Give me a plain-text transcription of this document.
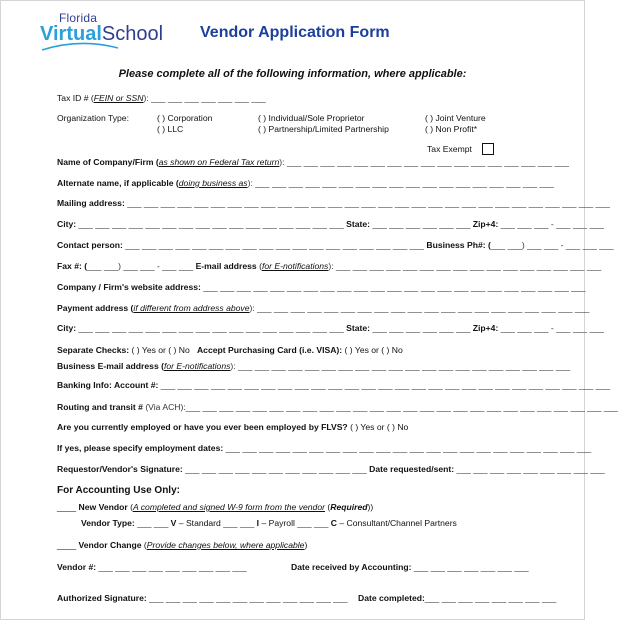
Florida
VirtualSchool Vendor Application Form
Please complete all of the following information, where applicable:
Tax ID # (FEIN or SSN): ___ ___ ___ ___ ___ ___ ___
Organization Type:	( ) Corporation
( ) LLC
( ) Individual/Sole Proprietor
( ) Partnership/Limited Partnership
( ) Joint Venture
( ) Non Profit*
Tax Exempt
Name of Company/Firm (as shown on Federal Tax return): ___ ___ ___ ___ ___ ___ ___ ___ ___ ___ ___ ___ ___ ___ ___ ___ ___
Alternate name, if applicable (doing business as): ___ ___ ___ ___ ___ ___ ___ ___ ___ ___ ___ ___ ___ ___ ___ ___ ___ ___
Mailing address: ___ ___ ___ ___ ___ ___ ___ ___ ___ ___ ___ ___ ___ ___ ___ ___ ___ ___ ___ ___ ___ ___ ___ ___ ___ ___ ___ ___ ___
City: ___ ___ ___ ___ ___ ___ ___ ___ ___ ___ ___ ___ ___ ___ ___ ___ State: ___ ___ ___ ___ ___ ___ Zip+4: ___ ___ ___ - ___ ___ ___
Contact person: ___ ___ ___ ___ ___ ___ ___ ___ ___ ___ ___ ___ ___ ___ ___ ___ ___ ___ Business Ph#: (___ ___) ___ ___ - ___ ___ ___
Fax #: (___ ___) ___ ___ - ___ ___ E-mail address (for E-notifications): ___ ___ ___ ___ ___ ___ ___ ___ ___ ___ ___ ___ ___ ___ ___ ___
Company / Firm's website address: ___ ___ ___ ___ ___ ___ ___ ___ ___ ___ ___ ___ ___ ___ ___ ___ ___ ___ ___ ___ ___ ___ ___
Payment address (if different from address above): ___ ___ ___ ___ ___ ___ ___ ___ ___ ___ ___ ___ ___ ___ ___ ___ ___ ___ ___ ___
City: ___ ___ ___ ___ ___ ___ ___ ___ ___ ___ ___ ___ ___ ___ ___ ___ State: ___ ___ ___ ___ ___ ___ Zip+4: ___ ___ ___ - ___ ___ ___
Separate Checks: ( ) Yes or ( ) No Accept Purchasing Card (i.e. VISA): ( ) Yes or ( ) No
Business E-mail address (for E-notifications): ___ ___ ___ ___ ___ ___ ___ ___ ___ ___ ___ ___ ___ ___ ___ ___ ___ ___ ___ ___
Banking Info: Account #: ___ ___ ___ ___ ___ ___ ___ ___ ___ ___ ___ ___ ___ ___ ___ ___ ___ ___ ___ ___ ___ ___ ___ ___ ___ ___ ___
Routing and transit # (Via ACH):___ ___ ___ ___ ___ ___ ___ ___ ___ ___ ___ ___ ___ ___ ___ ___ ___ ___ ___ ___ ___ ___ ___ ___ ___ ___
Are you currently employed or have you ever been employed by FLVS? ( ) Yes or ( ) No
If yes, please specify employment dates: ___ ___ ___ ___ ___ ___ ___ ___ ___ ___ ___ ___ ___ ___ ___ ___ ___ ___ ___ ___ ___ ___
Requestor/Vendor's Signature: ___ ___ ___ ___ ___ ___ ___ ___ ___ ___ ___ Date requested/sent: ___ ___ ___ ___ ___ ___ ___ ___ ___
For Accounting Use Only:
____ New Vendor (A completed and signed W-9 form from the vendor (Required))
Vendor Type: ___ ___ V – Standard ___ ___ I – Payroll ___ ___ C – Consultant/Channel Partners
____ Vendor Change (Provide changes below, where applicable)
Vendor #: ___ ___ ___ ___ ___ ___ ___ ___ ___	Date received by Accounting: ___ ___ ___ ___ ___ ___ ___
Authorized Signature: ___ ___ ___ ___ ___ ___ ___ ___ ___ ___ ___ ___ Date completed:___ ___ ___ ___ ___ ___ ___ ___
